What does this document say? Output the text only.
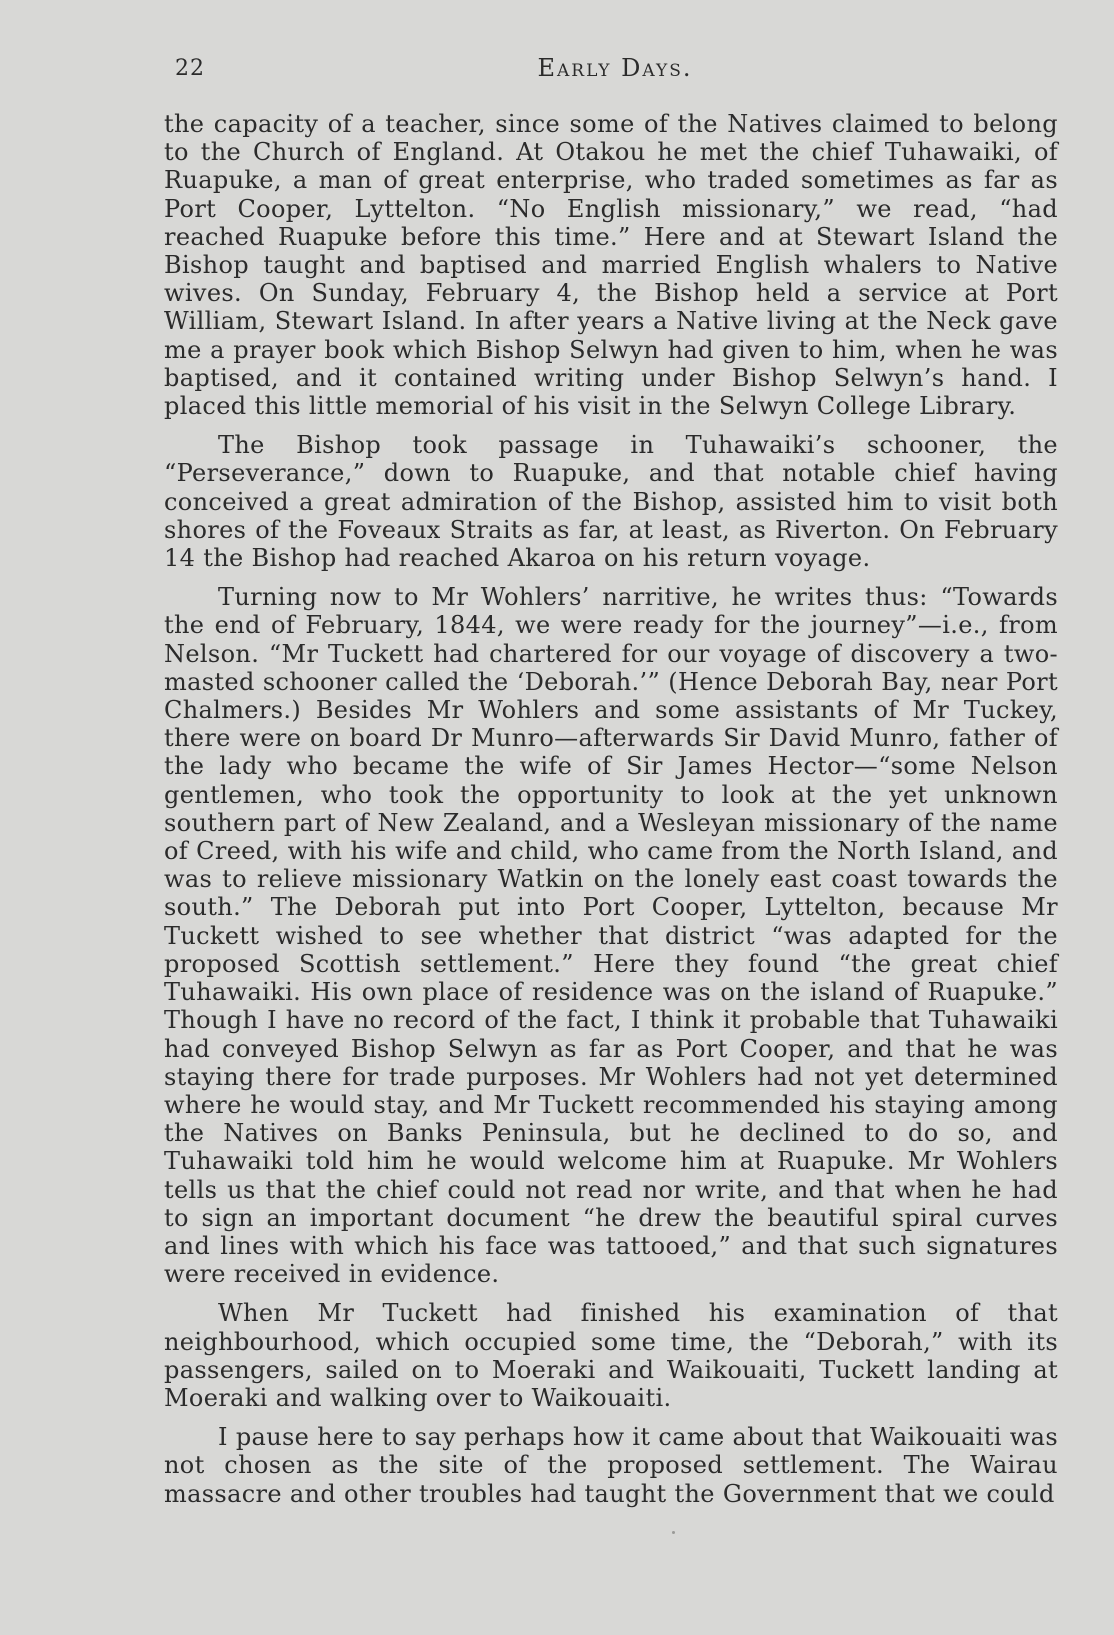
22	Early Days.

the capacity of a teacher, since some of the Natives claimed to belong to the Church of England. At Otakou he met the chief Tuhawaiki, of Ruapuke, a man of great enterprise, who traded sometimes as far as Port Cooper, Lyttelton. “No English missionary,” we read, “had reached Ruapuke before this time.” Here and at Stewart Island the Bishop taught and baptised and married English whalers to Native wives. On Sunday, February 4, the Bishop held a service at Port William, Stewart Island. In after years a Native living at the Neck gave me a prayer book which Bishop Selwyn had given to him, when he was baptised, and it contained writing under Bishop Selwyn’s hand. I placed this little memorial of his visit in the Selwyn College Library.

The Bishop took passage in Tuhawaiki’s schooner, the “Perseverance,” down to Ruapuke, and that notable chief having conceived a great admiration of the Bishop, assisted him to visit both shores of the Foveaux Straits as far, at least, as Riverton. On February 14 the Bishop had reached Akaroa on his return voyage.

Turning now to Mr Wohlers’ narritive, he writes thus: “Towards the end of February, 1844, we were ready for the journey”—i.e., from Nelson. “Mr Tuckett had chartered for our voyage of discovery a two-masted schooner called the ‘Deborah.’” (Hence Deborah Bay, near Port Chalmers.) Besides Mr Wohlers and some assistants of Mr Tuckey, there were on board Dr Munro—afterwards Sir David Munro, father of the lady who became the wife of Sir James Hector—“some Nelson gentlemen, who took the opportunity to look at the yet unknown southern part of New Zealand, and a Wesleyan missionary of the name of Creed, with his wife and child, who came from the North Island, and was to relieve missionary Watkin on the lonely east coast towards the south.” The Deborah put into Port Cooper, Lyttelton, because Mr Tuckett wished to see whether that district “was adapted for the proposed Scottish settlement.” Here they found “the great chief Tuhawaiki. His own place of residence was on the island of Ruapuke.” Though I have no record of the fact, I think it probable that Tuhawaiki had conveyed Bishop Selwyn as far as Port Cooper, and that he was staying there for trade purposes. Mr Wohlers had not yet determined where he would stay, and Mr Tuckett recommended his staying among the Natives on Banks Peninsula, but he declined to do so, and Tuhawaiki told him he would welcome him at Ruapuke. Mr Wohlers tells us that the chief could not read nor write, and that when he had to sign an important document “he drew the beautiful spiral curves and lines with which his face was tattooed,” and that such signatures were received in evidence.

When Mr Tuckett had finished his examination of that neighbourhood, which occupied some time, the “Deborah,” with its passengers, sailed on to Moeraki and Waikouaiti, Tuckett landing at Moeraki and walking over to Waikouaiti.

I pause here to say perhaps how it came about that Waikouaiti was not chosen as the site of the proposed settlement. The Wairau massacre and other troubles had taught the Government that we could
